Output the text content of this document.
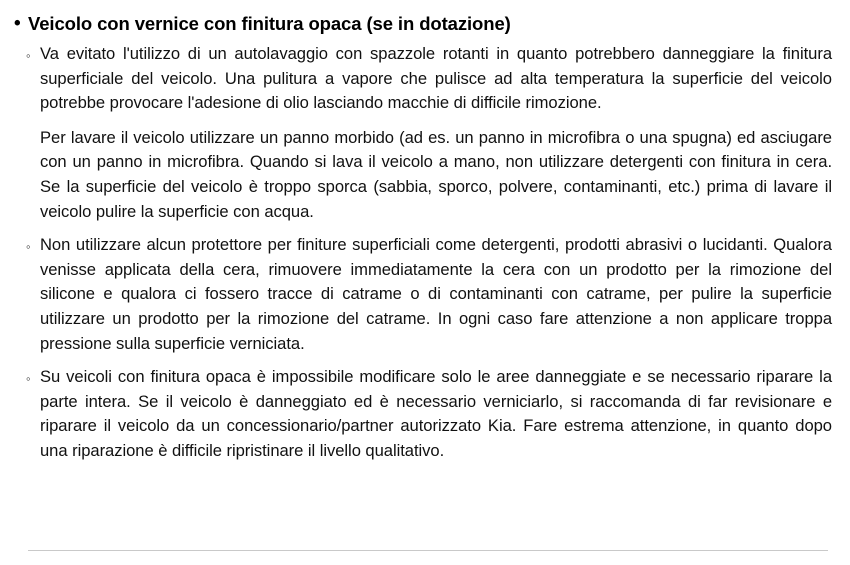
• Veicolo con vernice con finitura opaca (se in dotazione)
◦ Va evitato l'utilizzo di un autolavaggio con spazzole rotanti in quanto potrebbero danneggiare la finitura superficiale del veicolo. Una pulitura a vapore che pulisce ad alta temperatura la superficie del veicolo potrebbe provocare l'adesione di olio lasciando macchie di difficile rimozione.

Per lavare il veicolo utilizzare un panno morbido (ad es. un panno in microfibra o una spugna) ed asciugare con un panno in microfibra. Quando si lava il veicolo a mano, non utilizzare detergenti con finitura in cera. Se la superficie del veicolo è troppo sporca (sabbia, sporco, polvere, contaminanti, etc.) prima di lavare il veicolo pulire la superficie con acqua.

◦ Non utilizzare alcun protettore per finiture superficiali come detergenti, prodotti abrasivi o lucidanti. Qualora venisse applicata della cera, rimuovere immediatamente la cera con un prodotto per la rimozione del silicone e qualora ci fossero tracce di catrame o di contaminanti con catrame, per pulire la superficie utilizzare un prodotto per la rimozione del catrame. In ogni caso fare attenzione a non applicare troppa pressione sulla superficie verniciata.

◦ Su veicoli con finitura opaca è impossibile modificare solo le aree danneggiate e se necessario riparare la parte intera. Se il veicolo è danneggiato ed è necessario verniciarlo, si raccomanda di far revisionare e riparare il veicolo da un concessionario/partner autorizzato Kia. Fare estrema attenzione, in quanto dopo una riparazione è difficile ripristinare il livello qualitativo.
